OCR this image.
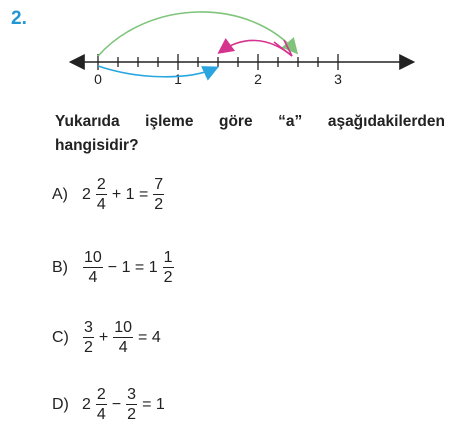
2.
0	1	2	3
Yukarıda işleme göre “a” aşağıdakilerden
hangisidir?
A) $2 \frac{2}{4} + 1 = \frac{7}{2}$
$B) \frac{10}{4} - 1 = 1 \frac{1}{2}$
$C) \frac{3}{2} + \frac{10}{4} = 4$
D) $2 \frac{2}{4} - \frac{3}{2} = 1$
